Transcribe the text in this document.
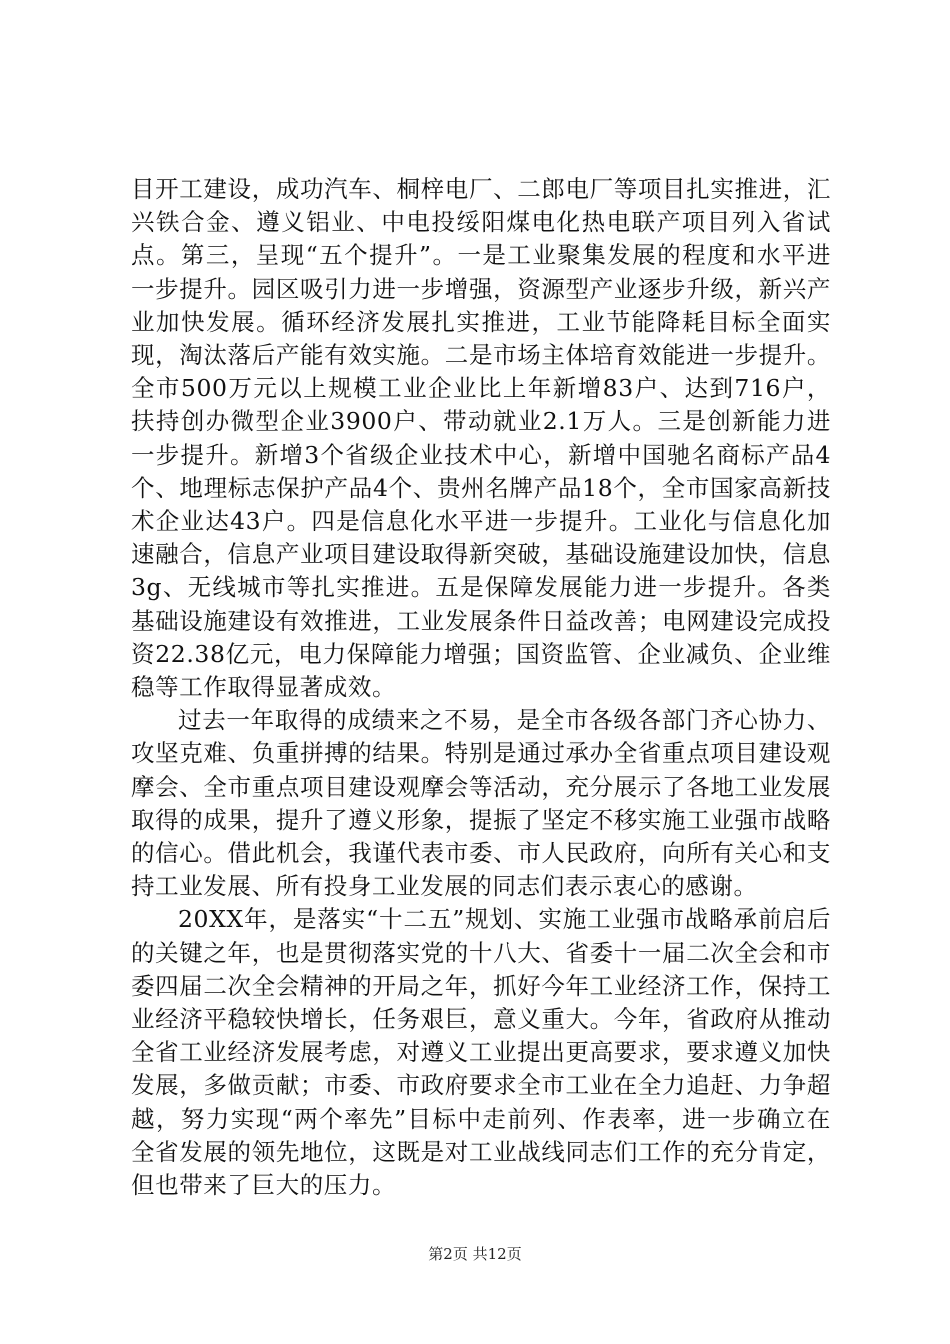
目开工建设，成功汽车、桐梓电厂、二郎电厂等项目扎实推进，汇兴铁合金、遵义铝业、中电投绥阳煤电化热电联产项目列入省试点。第三，呈现“五个提升”。一是工业聚集发展的程度和水平进一步提升。园区吸引力进一步增强，资源型产业逐步升级，新兴产业加快发展。循环经济发展扎实推进，工业节能降耗目标全面实现，淘汰落后产能有效实施。二是市场主体培育效能进一步提升。全市500万元以上规模工业企业比上年新增83户、达到716户，扶持创办微型企业3900户、带动就业2.1万人。三是创新能力进一步提升。新增3个省级企业技术中心，新增中国驰名商标产品4个、地理标志保护产品4个、贵州名牌产品18个，全市国家高新技术企业达43户。四是信息化水平进一步提升。工业化与信息化加速融合，信息产业项目建设取得新突破，基础设施建设加快，信息3g、无线城市等扎实推进。五是保障发展能力进一步提升。各类基础设施建设有效推进，工业发展条件日益改善；电网建设完成投资22.38亿元，电力保障能力增强；国资监管、企业减负、企业维稳等工作取得显著成效。

过去一年取得的成绩来之不易，是全市各级各部门齐心协力、攻坚克难、负重拼搏的结果。特别是通过承办全省重点项目建设观摩会、全市重点项目建设观摩会等活动，充分展示了各地工业发展取得的成果，提升了遵义形象，提振了坚定不移实施工业强市战略的信心。借此机会，我谨代表市委、市人民政府，向所有关心和支持工业发展、所有投身工业发展的同志们表示衷心的感谢。

20XX年，是落实“十二五”规划、实施工业强市战略承前启后的关键之年，也是贯彻落实党的十八大、省委十一届二次全会和市委四届二次全会精神的开局之年，抓好今年工业经济工作，保持工业经济平稳较快增长，任务艰巨，意义重大。今年，省政府从推动全省工业经济发展考虑，对遵义工业提出更高要求，要求遵义加快发展，多做贡献；市委、市政府要求全市工业在全力追赶、力争超越，努力实现“两个率先”目标中走前列、作表率，进一步确立在全省发展的领先地位，这既是对工业战线同志们工作的充分肯定，但也带来了巨大的压力。

第2页 共12页
